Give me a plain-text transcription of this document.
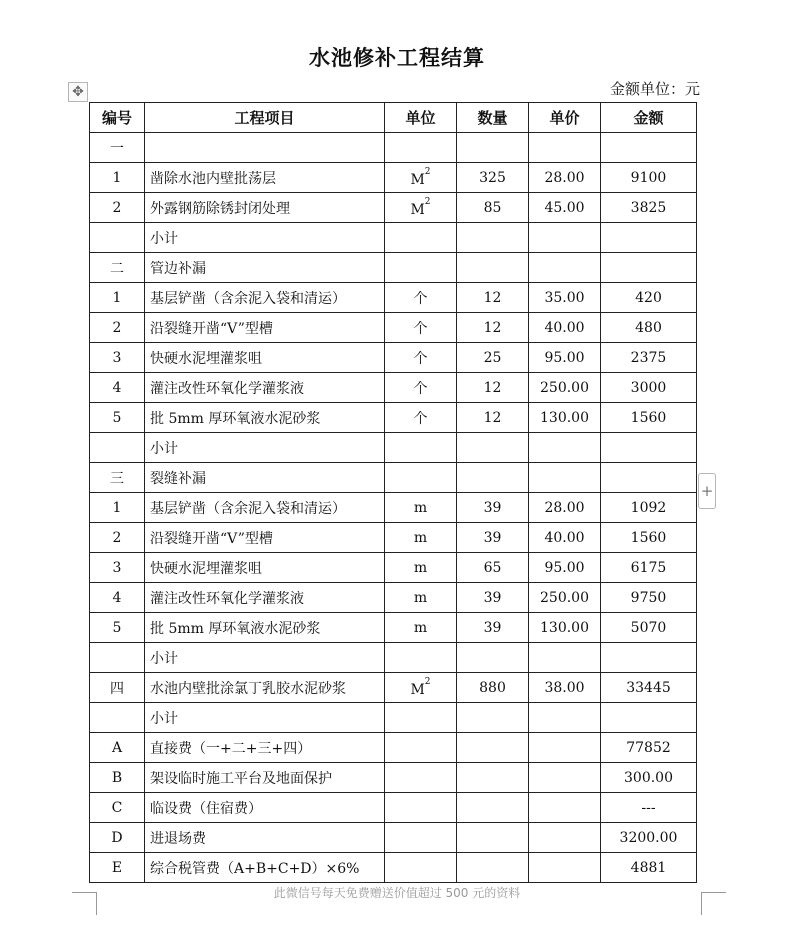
水池修补工程结算
金额单位：元
✥
+
编号	工程项目	单位	数量	单价	金额
一					
1	凿除水池内壁批荡层	$M^2$	325	28.00	9100
2	外露钢筋除锈封闭处理	$M^2$	85	45.00	3825
	小计				
二	管边补漏				
1	基层铲凿（含余泥入袋和清运）	个	12	35.00	420
2	沿裂缝开凿“V”型槽	个	12	40.00	480
3	快硬水泥埋灌浆咀	个	25	95.00	2375
4	灌注改性环氧化学灌浆液	个	12	250.00	3000
5	批 5mm 厚环氧液水泥砂浆	个	12	130.00	1560
	小计				
三	裂缝补漏				
1	基层铲凿（含余泥入袋和清运）	m	39	28.00	1092
2	沿裂缝开凿“V”型槽	m	39	40.00	1560
3	快硬水泥埋灌浆咀	m	65	95.00	6175
4	灌注改性环氧化学灌浆液	m	39	250.00	9750
5	批 5mm 厚环氧液水泥砂浆	m	39	130.00	5070
	小计				
四	水池内壁批涂氯丁乳胶水泥砂浆	$M^2$	880	38.00	33445
	小计				
A	直接费（一+二+三+四）				77852
B	架设临时施工平台及地面保护				300.00
C	临设费（住宿费）				---
D	进退场费				3200.00
E	综合税管费（A+B+C+D）×6%				4881
此微信号每天免费赠送价值超过 500 元的资料
